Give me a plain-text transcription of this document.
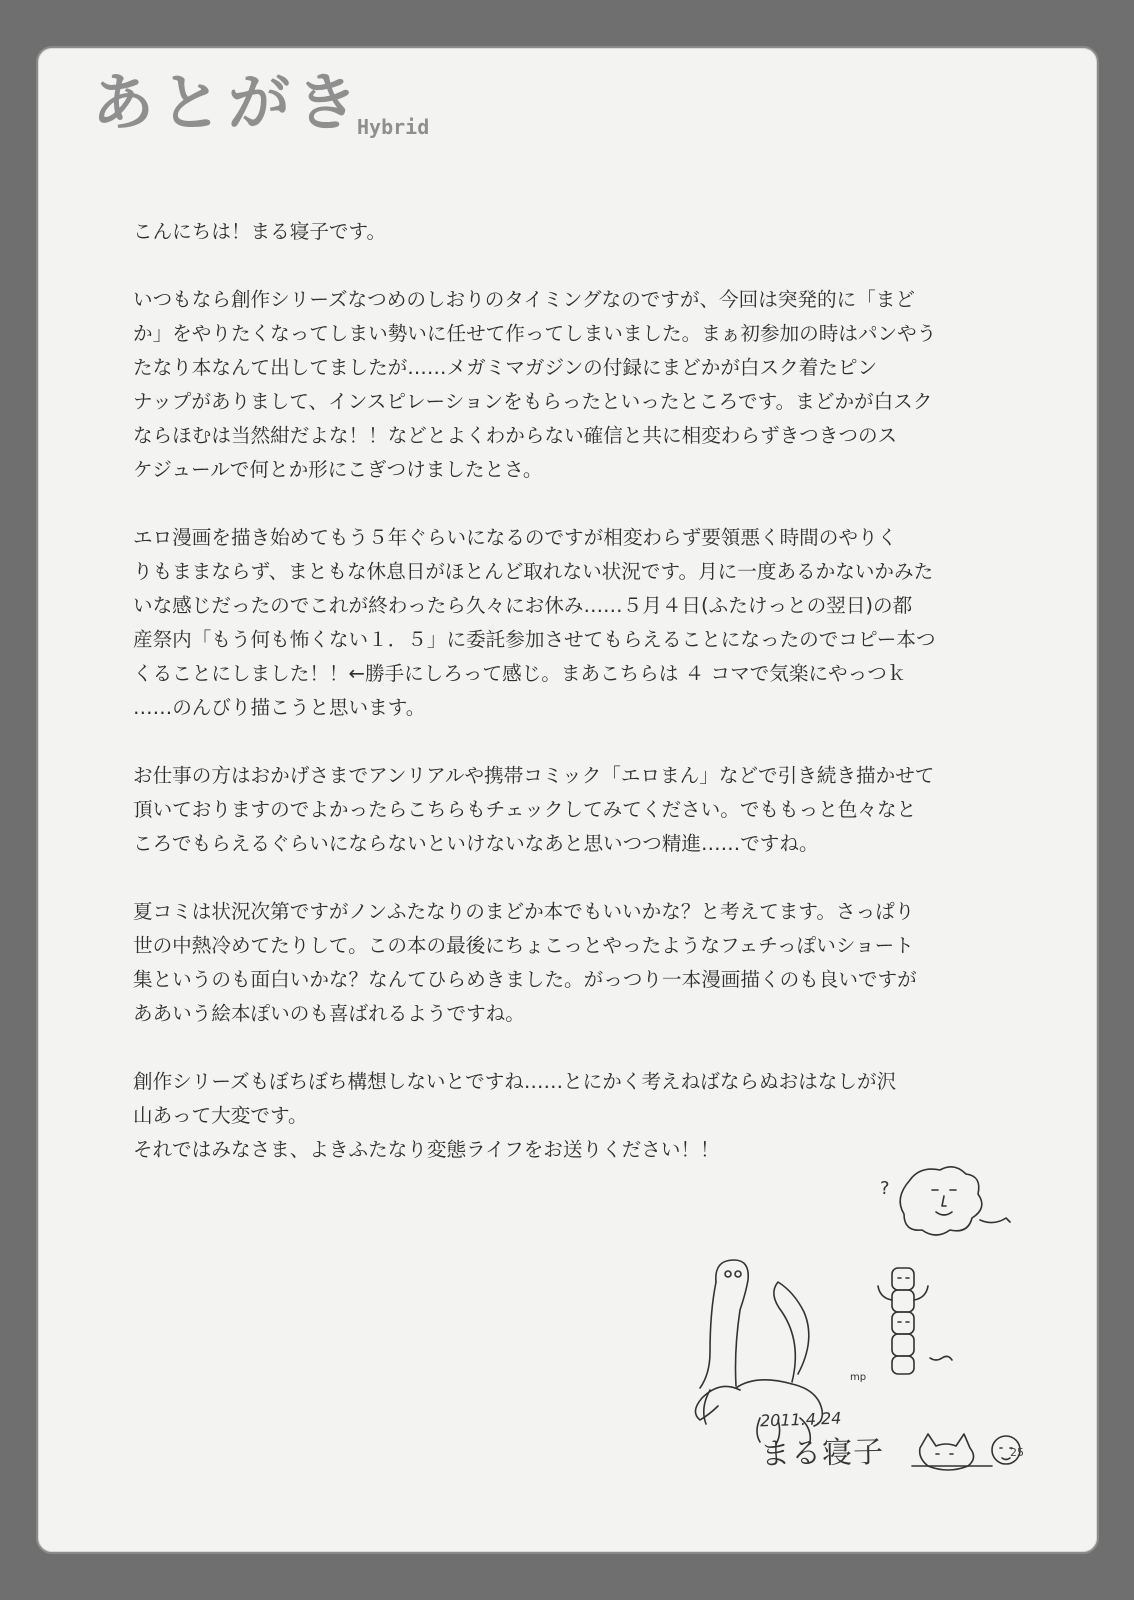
あとがき
Hybrid

こんにちは！まる寝子です。

いつもなら創作シリーズなつめのしおりのタイミングなのですが、今回は突発的に「まど
か」をやりたくなってしまい勢いに任せて作ってしまいました。まぁ初参加の時はパンやう
たなり本なんて出してましたが……メガミマガジンの付録にまどかが白スク着たピン
ナップがありまして、インスピレーションをもらったといったところです。まどかが白スク
ならほむは当然紺だよな！！などとよくわからない確信と共に相変わらずきつきつのス
ケジュールで何とか形にこぎつけましたとさ。

エロ漫画を描き始めてもう５年ぐらいになるのですが相変わらず要領悪く時間のやりく
りもままならず、まともな休息日がほとんど取れない状況です。月に一度あるかないかみた
いな感じだったのでこれが終わったら久々にお休み……５月４日(ふたけっとの翌日)の都
産祭内「もう何も怖くない１．５」に委託参加させてもらえることになったのでコピー本つ
くることにしました！！←勝手にしろって感じ。まあこちらは ４ コマで気楽にやっつｋ
……のんびり描こうと思います。

お仕事の方はおかげさまでアンリアルや携帯コミック「エロまん」などで引き続き描かせて
頂いておりますのでよかったらこちらもチェックしてみてください。でももっと色々なと
ころでもらえるぐらいにならないといけないなあと思いつつ精進……ですね。

夏コミは状況次第ですがノンふたなりのまどか本でもいいかな？と考えてます。さっぱり
世の中熱冷めてたりして。この本の最後にちょこっとやったようなフェチっぽいショート
集というのも面白いかな？なんてひらめきました。がっつり一本漫画描くのも良いですが
ああいう絵本ぽいのも喜ばれるようですね。

創作シリーズもぼちぼち構想しないとですね……とにかく考えねばならぬおはなしが沢
山あって大変です。
それではみなさま、よきふたなり変態ライフをお送りください！！

?
mp
2011.4.24
まる寝子	25
